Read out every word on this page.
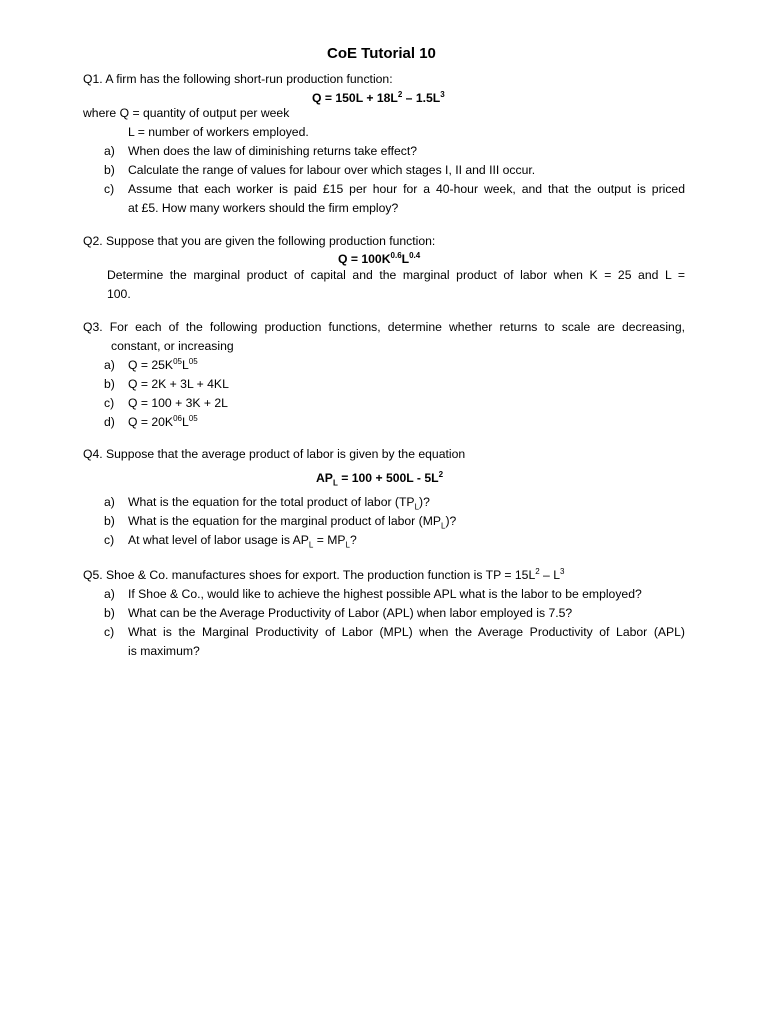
CoE Tutorial 10
Q1. A firm has the following short-run production function:
$Q = 150L + 18L^2 - 1.5L^3$
where Q = quantity of output per week
L = number of workers employed.
a) When does the law of diminishing returns take effect?
b) Calculate the range of values for labour over which stages I, II and III occur.
c) Assume that each worker is paid £15 per hour for a 40-hour week, and that the output is priced
at £5. How many workers should the firm employ?
Q2. Suppose that you are given the following production function:
$Q = 100K^{0.6}L^{0.4}$
Determine the marginal product of capital and the marginal product of labor when K = 25 and L =
100.
Q3. For each of the following production functions, determine whether returns to scale are decreasing,
constant, or increasing
a) $Q = 25K^{05}L^{05}$
b) Q = 2K + 3L + 4KL
c) Q = 100 + 3K + 2L
d) $Q = 20K^{06}L^{05}$
Q4. Suppose that the average product of labor is given by the equation
$AP_L = 100 + 500L - 5L^2$
a) What is the equation for the total product of labor $(TP_L)$?
b) What is the equation for the marginal product of labor $(MP_L)$?
c) At what level of labor usage is $AP_L = MP_L$?
Q5. Shoe & Co. manufactures shoes for export. The production function is TP = $15L^2 - L^3$
a) If Shoe & Co., would like to achieve the highest possible APL what is the labor to be employed?
b) What can be the Average Productivity of Labor (APL) when labor employed is 7.5?
c) What is the Marginal Productivity of Labor (MPL) when the Average Productivity of Labor (APL)
is maximum?
